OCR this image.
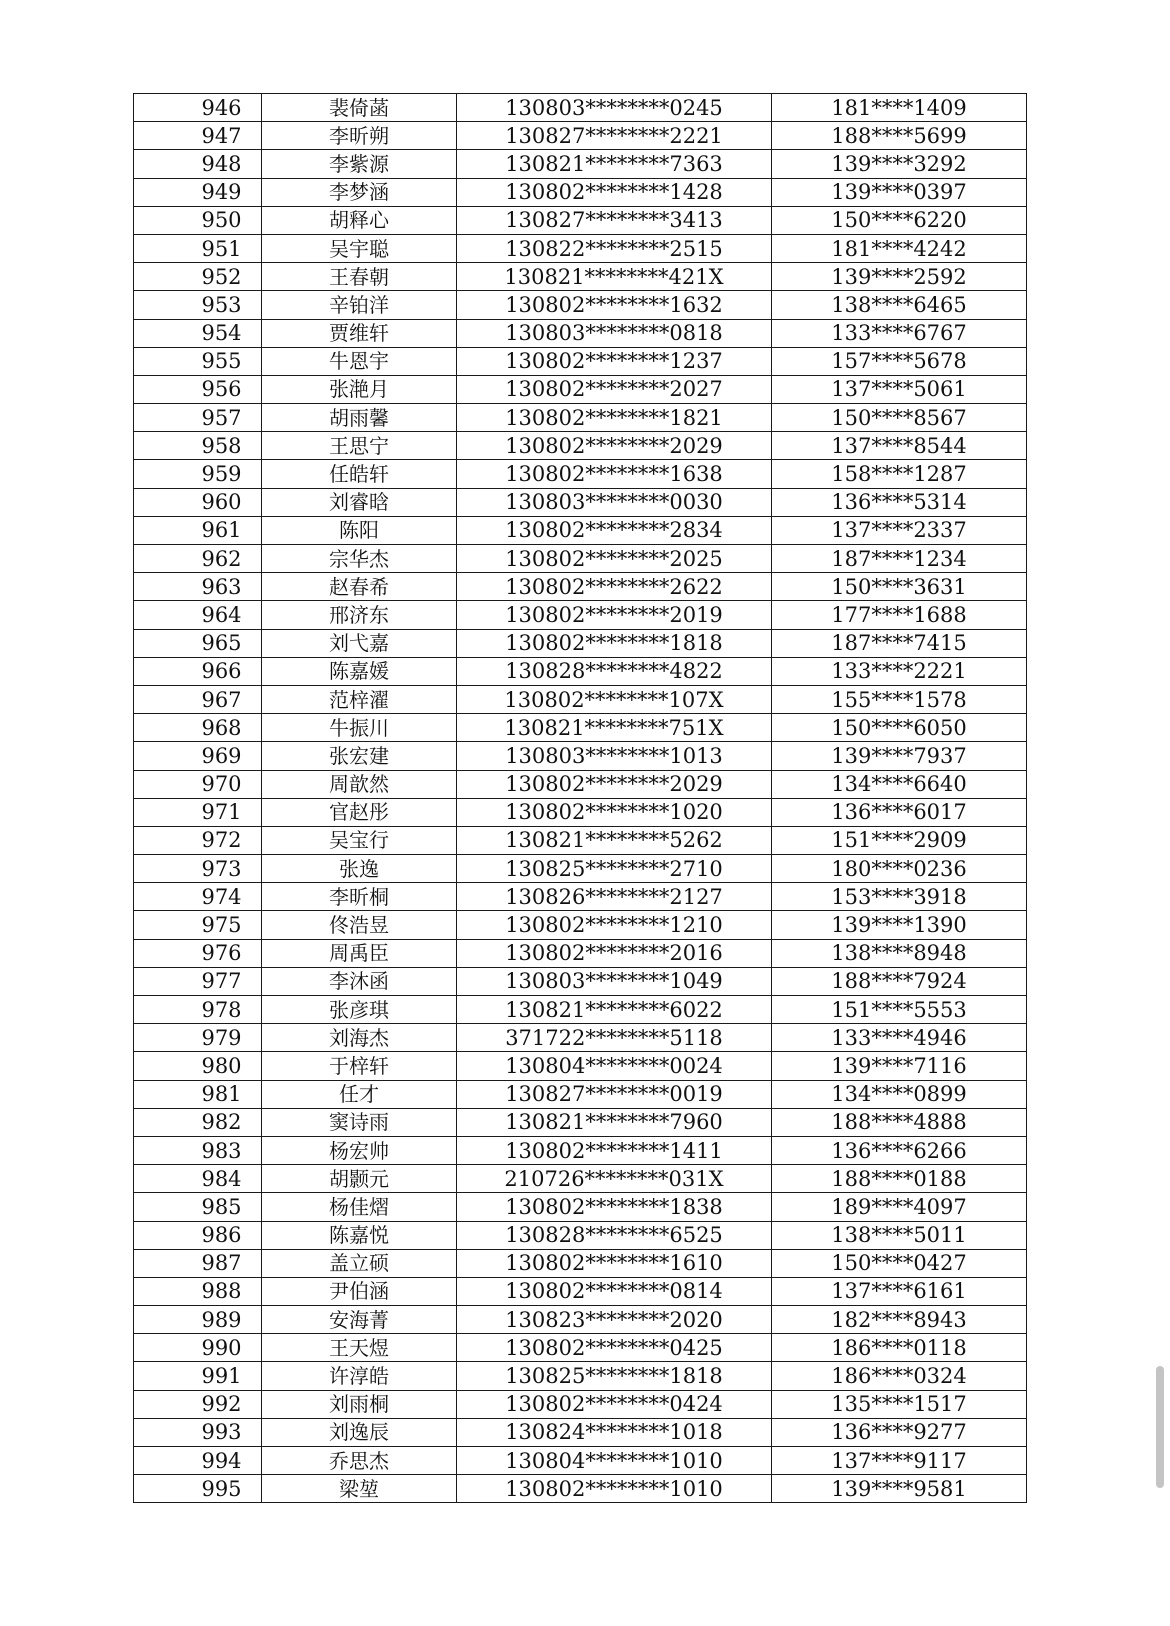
946	裴倚菡	130803********0245	181****1409
947	李昕朔	130827********2221	188****5699
948	李紫源	130821********7363	139****3292
949	李梦涵	130802********1428	139****0397
950	胡释心	130827********3413	150****6220
951	吴宇聪	130822********2515	181****4242
952	王春朝	130821********421X	139****2592
953	辛铂洋	130802********1632	138****6465
954	贾维轩	130803********0818	133****6767
955	牛恩宇	130802********1237	157****5678
956	张滟月	130802********2027	137****5061
957	胡雨馨	130802********1821	150****8567
958	王思宁	130802********2029	137****8544
959	任皓轩	130802********1638	158****1287
960	刘睿晗	130803********0030	136****5314
961	陈阳	130802********2834	137****2337
962	宗华杰	130802********2025	187****1234
963	赵春希	130802********2622	150****3631
964	邢济东	130802********2019	177****1688
965	刘弋嘉	130802********1818	187****7415
966	陈嘉媛	130828********4822	133****2221
967	范梓濯	130802********107X	155****1578
968	牛振川	130821********751X	150****6050
969	张宏建	130803********1013	139****7937
970	周歆然	130802********2029	134****6640
971	官赵彤	130802********1020	136****6017
972	吴宝行	130821********5262	151****2909
973	张逸	130825********2710	180****0236
974	李昕桐	130826********2127	153****3918
975	佟浩昱	130802********1210	139****1390
976	周禹臣	130802********2016	138****8948
977	李沐函	130803********1049	188****7924
978	张彦琪	130821********6022	151****5553
979	刘海杰	371722********5118	133****4946
980	于梓轩	130804********0024	139****7116
981	任才	130827********0019	134****0899
982	窦诗雨	130821********7960	188****4888
983	杨宏帅	130802********1411	136****6266
984	胡颢元	210726********031X	188****0188
985	杨佳熠	130802********1838	189****4097
986	陈嘉悦	130828********6525	138****5011
987	盖立硕	130802********1610	150****0427
988	尹伯涵	130802********0814	137****6161
989	安海菁	130823********2020	182****8943
990	王天煜	130802********0425	186****0118
991	许淳皓	130825********1818	186****0324
992	刘雨桐	130802********0424	135****1517
993	刘逸辰	130824********1018	136****9277
994	乔思杰	130804********1010	137****9117
995	梁堃	130802********1010	139****9581
